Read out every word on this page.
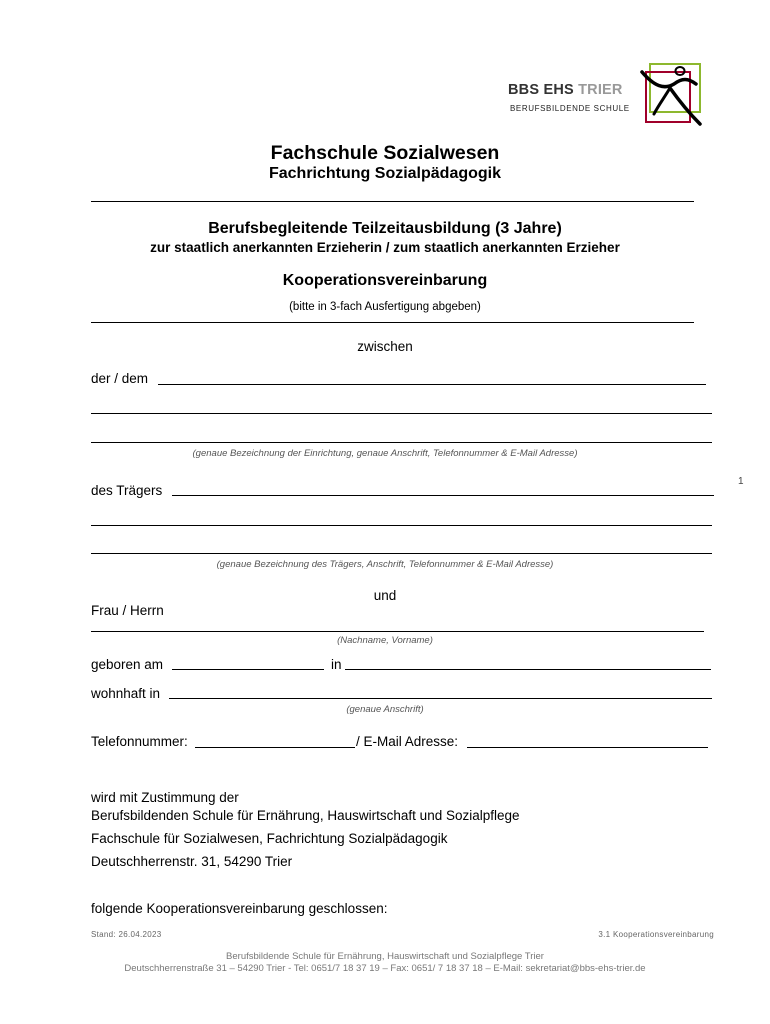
BBS EHS TRIER
BERUFSBILDENDE SCHULE
Fachschule Sozialwesen
Fachrichtung Sozialpädagogik
Berufsbegleitende Teilzeitausbildung (3 Jahre)
zur staatlich anerkannten Erzieherin / zum staatlich anerkannten Erzieher
Kooperationsvereinbarung
(bitte in 3-fach Ausfertigung abgeben)
zwischen
der / dem
(genaue Bezeichnung der Einrichtung, genaue Anschrift, Telefonnummer & E-Mail Adresse)
1
des Trägers
(genaue Bezeichnung des Trägers, Anschrift, Telefonnummer & E-Mail Adresse)
und
Frau / Herrn
(Nachname, Vorname)
geboren am	in
wohnhaft in
(genaue Anschrift)
Telefonnummer:	/ E-Mail Adresse:
wird mit Zustimmung der
Berufsbildenden Schule für Ernährung, Hauswirtschaft und Sozialpflege
Fachschule für Sozialwesen, Fachrichtung Sozialpädagogik
Deutschherrenstr. 31, 54290 Trier
folgende Kooperationsvereinbarung geschlossen:
Stand: 26.04.2023	3.1 Kooperationsvereinbarung
Berufsbildende Schule für Ernährung, Hauswirtschaft und Sozialpflege Trier
Deutschherrenstraße 31 – 54290 Trier - Tel: 0651/7 18 37 19 – Fax: 0651/ 7 18 37 18 – E-Mail: sekretariat@bbs-ehs-trier.de
